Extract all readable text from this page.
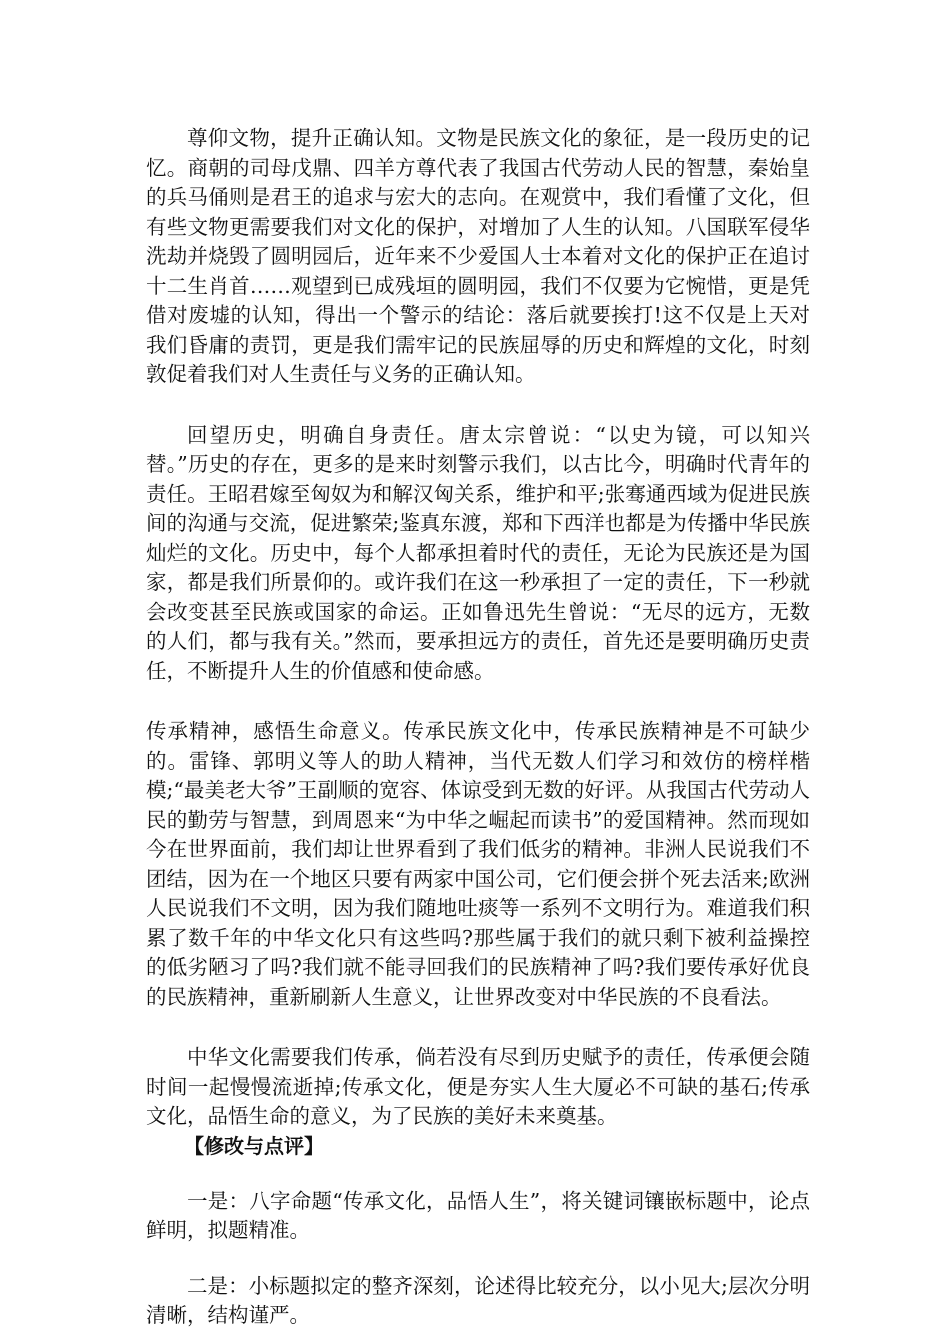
尊仰文物，提升正确认知。文物是民族文化的象征，是一段历史的记忆。商朝的司母戊鼎、四羊方尊代表了我国古代劳动人民的智慧，秦始皇的兵马俑则是君王的追求与宏大的志向。在观赏中，我们看懂了文化，但有些文物更需要我们对文化的保护，对增加了人生的认知。八国联军侵华洗劫并烧毁了圆明园后，近年来不少爱国人士本着对文化的保护正在追讨十二生肖首……观望到已成残垣的圆明园，我们不仅要为它惋惜，更是凭借对废墟的认知，得出一个警示的结论：落后就要挨打!这不仅是上天对我们昏庸的责罚，更是我们需牢记的民族屈辱的历史和辉煌的文化，时刻敦促着我们对人生责任与义务的正确认知。

回望历史，明确自身责任。唐太宗曾说：“以史为镜，可以知兴替。”历史的存在，更多的是来时刻警示我们，以古比今，明确时代青年的责任。王昭君嫁至匈奴为和解汉匈关系，维护和平;张骞通西域为促进民族间的沟通与交流，促进繁荣;鉴真东渡，郑和下西洋也都是为传播中华民族灿烂的文化。历史中，每个人都承担着时代的责任，无论为民族还是为国家，都是我们所景仰的。或许我们在这一秒承担了一定的责任，下一秒就会改变甚至民族或国家的命运。正如鲁迅先生曾说：“无尽的远方，无数的人们，都与我有关。”然而，要承担远方的责任，首先还是要明确历史责任，不断提升人生的价值感和使命感。

传承精神，感悟生命意义。传承民族文化中，传承民族精神是不可缺少的。雷锋、郭明义等人的助人精神，当代无数人们学习和效仿的榜样楷模;“最美老大爷”王副顺的宽容、体谅受到无数的好评。从我国古代劳动人民的勤劳与智慧，到周恩来“为中华之崛起而读书”的爱国精神。然而现如今在世界面前，我们却让世界看到了我们低劣的精神。非洲人民说我们不团结，因为在一个地区只要有两家中国公司，它们便会拼个死去活来;欧洲人民说我们不文明，因为我们随地吐痰等一系列不文明行为。难道我们积累了数千年的中华文化只有这些吗?那些属于我们的就只剩下被利益操控的低劣陋习了吗?我们就不能寻回我们的民族精神了吗?我们要传承好优良的民族精神，重新刷新人生意义，让世界改变对中华民族的不良看法。

中华文化需要我们传承，倘若没有尽到历史赋予的责任，传承便会随时间一起慢慢流逝掉;传承文化，便是夯实人生大厦必不可缺的基石;传承文化，品悟生命的意义，为了民族的美好未来奠基。

【修改与点评】

一是：八字命题“传承文化，品悟人生”，将关键词镶嵌标题中，论点鲜明，拟题精准。

二是：小标题拟定的整齐深刻，论述得比较充分，以小见大;层次分明清晰，结构谨严。
